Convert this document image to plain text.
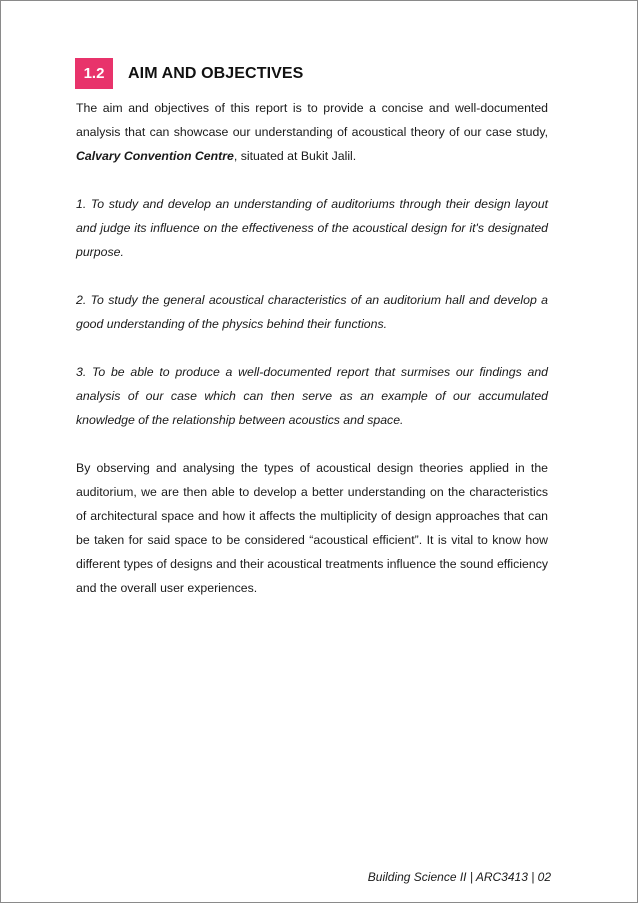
1.2	AIM AND OBJECTIVES

The aim and objectives of this report is to provide a concise and well-documented analysis that can showcase our understanding of acoustical theory of our case study, Calvary Convention Centre, situated at Bukit Jalil.

1. To study and develop an understanding of auditoriums through their design layout and judge its influence on the effectiveness of the acoustical design for it's designated purpose.

2. To study the general acoustical characteristics of an auditorium hall and develop a good understanding of the physics behind their functions.

3. To be able to produce a well-documented report that surmises our findings and analysis of our case which can then serve as an example of our accumulated knowledge of the relationship between acoustics and space.

By observing and analysing the types of acoustical design theories applied in the auditorium, we are then able to develop a better understanding on the characteristics of architectural space and how it affects the multiplicity of design approaches that can be taken for said space to be considered “acoustical efficient”. It is vital to know how different types of designs and their acoustical treatments influence the sound efficiency and the overall user experiences.

Building Science II | ARC3413 | 02
